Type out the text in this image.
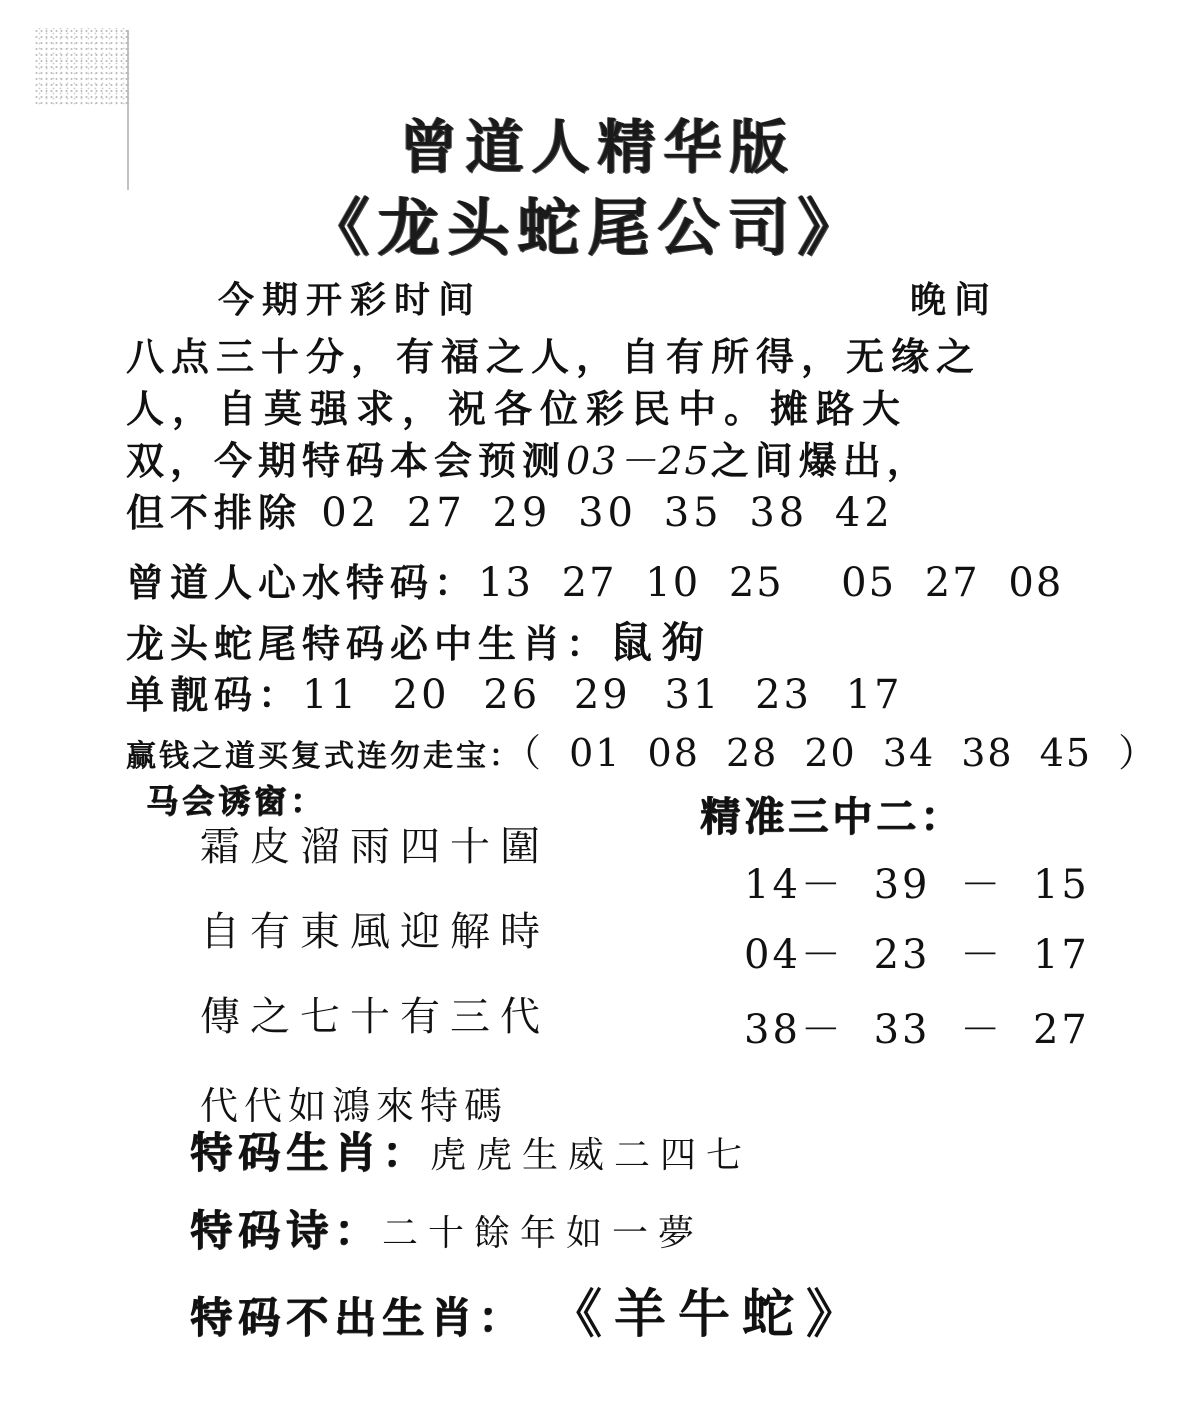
曾道人精华版
《龙头蛇尾公司》
今期开彩时间	晚间
八点三十分，有福之人，自有所得，无缘之
人，自莫强求，祝各位彩民中。摊路大
双，今期特码本会预测03－25之间爆出，
但不排除 02 27 29 30 35 38 42
曾道人心水特码：13 27 10 25  05 27 08
龙头蛇尾特码必中生肖：鼠狗
单靓码：11 20 26 29 31 23 17
赢钱之道买复式连勿走宝：（ 01 08 28 20 34 38 45 ）
马会诱窗：
霜皮溜雨四十圍
自有東風迎解時
傳之七十有三代
代代如鴻來特碼
精准三中二：
14－ 39 － 15
04－ 23 － 17
38－ 33 － 27
特码生肖：虎虎生威二四七
特码诗：二十餘年如一夢
特码不出生肖： 《羊牛蛇》
